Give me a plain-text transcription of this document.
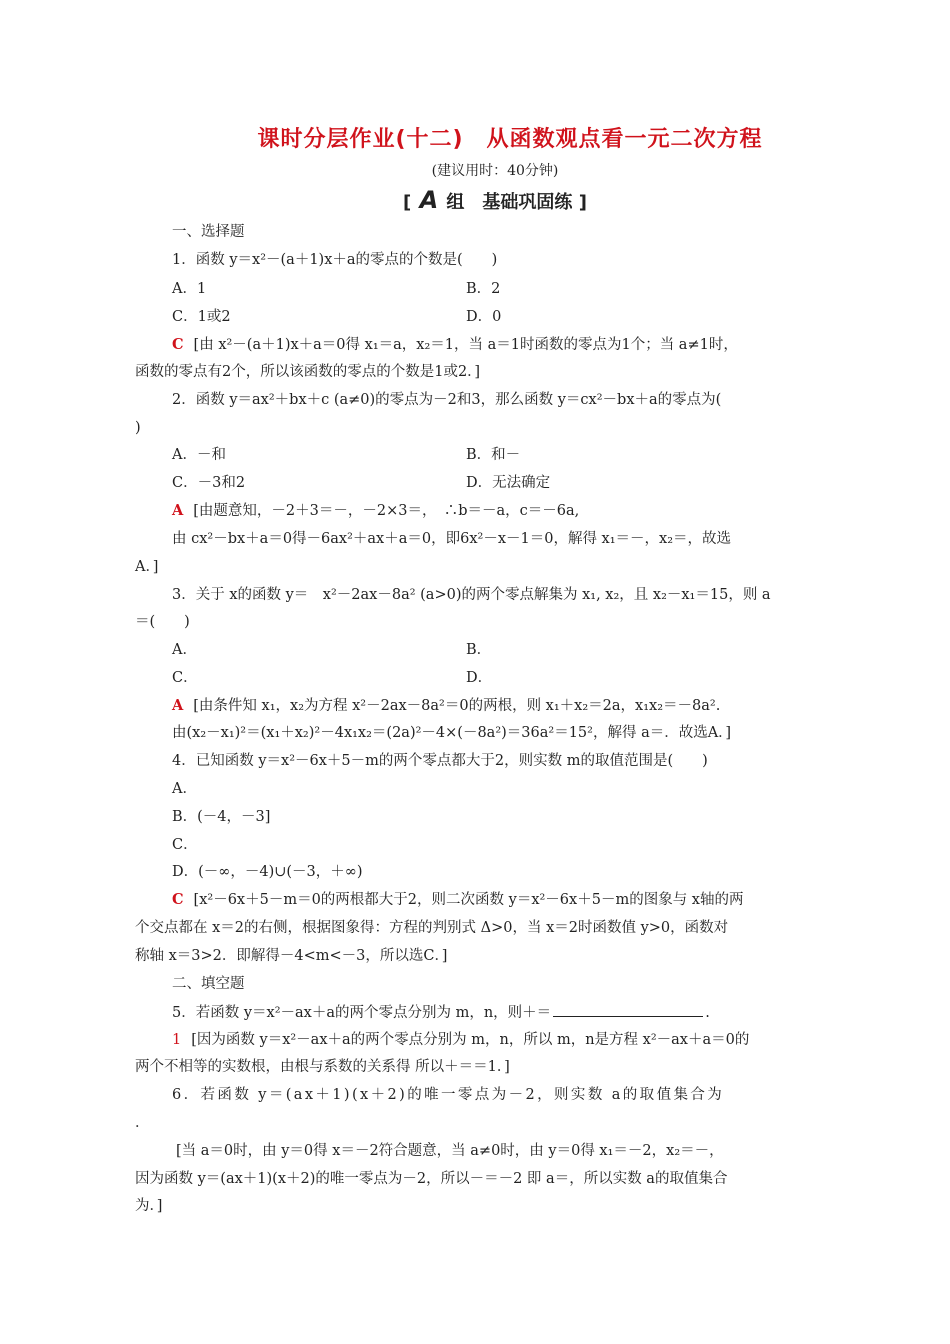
课时分层作业(十二)　从函数观点看一元二次方程
(建议用时：40分钟)
[ A 组　基础巩固练 ]
一、选择题
1．函数 y＝x²－(a＋1)x＋a的零点的个数是(　　)
A．1	B．2
C．1或2	D．0
C [由 x²－(a＋1)x＋a＝0得 x₁＝a，x₂＝1，当 a＝1时函数的零点为1个；当 a≠1时，
函数的零点有2个，所以该函数的零点的个数是1或2．]
2．函数 y＝ax²＋bx＋c (a≠0)的零点为－2和3，那么函数 y＝cx²－bx＋a的零点为(
)
A．－和	B．和－
C．－3和2	D．无法确定
A [由题意知，－2＋3＝－，－2×3＝，　∴b＝－a，c＝－6a,
由 cx²－bx＋a＝0得－6ax²＋ax＋a＝0，即6x²－x－1＝0，解得 x₁＝－，x₂＝，故选
A．]
3．关于 x的函数 y＝　x²－2ax－8a² (a>0)的两个零点解集为 x₁, x₂，且 x₂－x₁＝15，则 a
＝(　　)
A．	B．
C．	D．
A [由条件知 x₁，x₂为方程 x²－2ax－8a²＝0的两根，则 x₁＋x₂＝2a，x₁x₂＝－8a².
由(x₂－x₁)²＝(x₁＋x₂)²－4x₁x₂＝(2a)²－4×(－8a²)＝36a²＝15²，解得 a＝．故选A．]
4．已知函数 y＝x²－6x＋5－m的两个零点都大于2，则实数 m的取值范围是(　　)
A．
B．(－4，－3]
C．
D．(－∞，－4)∪(－3，＋∞)
C [x²－6x＋5－m＝0的两根都大于2，则二次函数 y＝x²－6x＋5－m的图象与 x轴的两
个交点都在 x＝2的右侧，根据图象得：方程的判别式 Δ>0，当 x＝2时函数值 y>0，函数对
称轴 x＝3>2．即解得－4<m<－3，所以选C．]
二、填空题
5．若函数 y＝x²－ax＋a的两个零点分别为 m，n，则＋＝	.
1 [因为函数 y＝x²－ax＋a的两个零点分别为 m，n，所以 m，n是方程 x²－ax＋a＝0的
两个不相等的实数根，由根与系数的关系得 所以＋＝＝1．]
6．若函数 y＝(ax＋1)(x＋2)的唯一零点为－2，则实数 a的取值集合为
．
[当 a＝0时，由 y＝0得 x＝－2符合题意，当 a≠0时，由 y＝0得 x₁＝－2，x₂＝－，
因为函数 y＝(ax＋1)(x＋2)的唯一零点为－2，所以－＝－2 即 a＝，所以实数 a的取值集合
为．]
